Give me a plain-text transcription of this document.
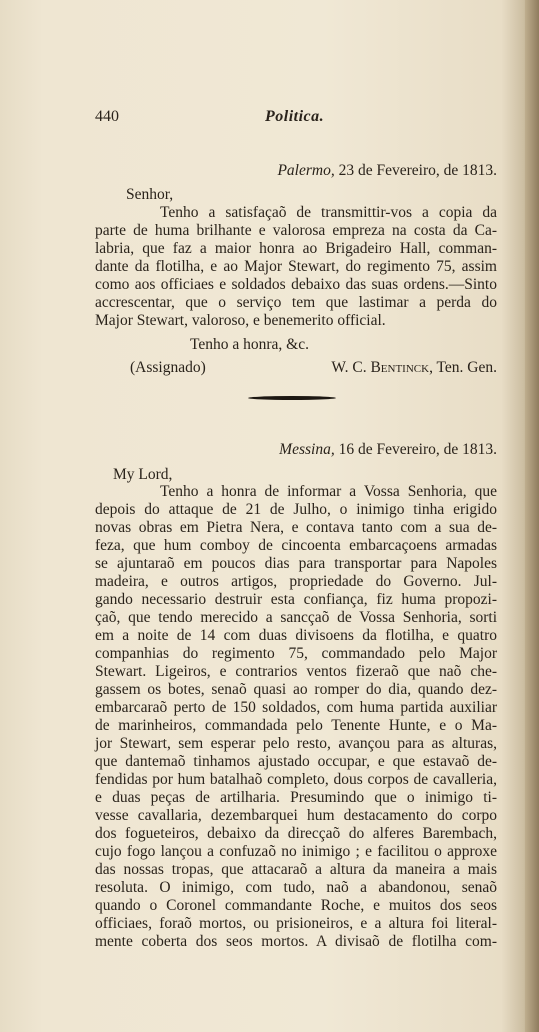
440	Politica.
Palermo, 23 de Fevereiro, de 1813.
Senhor,
Tenho a satisfaçaõ de transmittir-vos a copia da
parte de huma brilhante e valorosa empreza na costa da Ca-
labria, que faz a maior honra ao Brigadeiro Hall, comman-
dante da flotilha, e ao Major Stewart, do regimento 75, assim
como aos officiaes e soldados debaixo das suas ordens.—Sinto
accrescentar, que o serviço tem que lastimar a perda do
Major Stewart, valoroso, e benemerito official.
Tenho a honra, &c.
(Assignado)	W. C. Bentinck, Ten. Gen.
Messina, 16 de Fevereiro, de 1813.
My Lord,
Tenho a honra de informar a Vossa Senhoria, que
depois do attaque de 21 de Julho, o inimigo tinha erigido
novas obras em Pietra Nera, e contava tanto com a sua de-
feza, que hum comboy de cincoenta embarcaçoens armadas
se ajuntaraõ em poucos dias para transportar para Napoles
madeira, e outros artigos, propriedade do Governo. Jul-
gando necessario destruir esta confiança, fiz huma propozi-
çaõ, que tendo merecido a sancçaõ de Vossa Senhoria, sorti
em a noite de 14 com duas divisoens da flotilha, e quatro
companhias do regimento 75, commandado pelo Major
Stewart. Ligeiros, e contrarios ventos fizeraõ que naõ che-
gassem os botes, senaõ quasi ao romper do dia, quando dez-
embarcaraõ perto de 150 soldados, com huma partida auxiliar
de marinheiros, commandada pelo Tenente Hunte, e o Ma-
jor Stewart, sem esperar pelo resto, avançou para as alturas,
que dantemaõ tinhamos ajustado occupar, e que estavaõ de-
fendidas por hum batalhaõ completo, dous corpos de cavalleria,
e duas peças de artilharia. Presumindo que o inimigo ti-
vesse cavallaria, dezembarquei hum destacamento do corpo
dos fogueteiros, debaixo da direcçaõ do alferes Barembach,
cujo fogo lançou a confuzaõ no inimigo ; e facilitou o approxe
das nossas tropas, que attacaraõ a altura da maneira a mais
resoluta. O inimigo, com tudo, naõ a abandonou, senaõ
quando o Coronel commandante Roche, e muitos dos seos
officiaes, foraõ mortos, ou prisioneiros, e a altura foi literal-
mente coberta dos seos mortos. A divisaõ de flotilha com-
